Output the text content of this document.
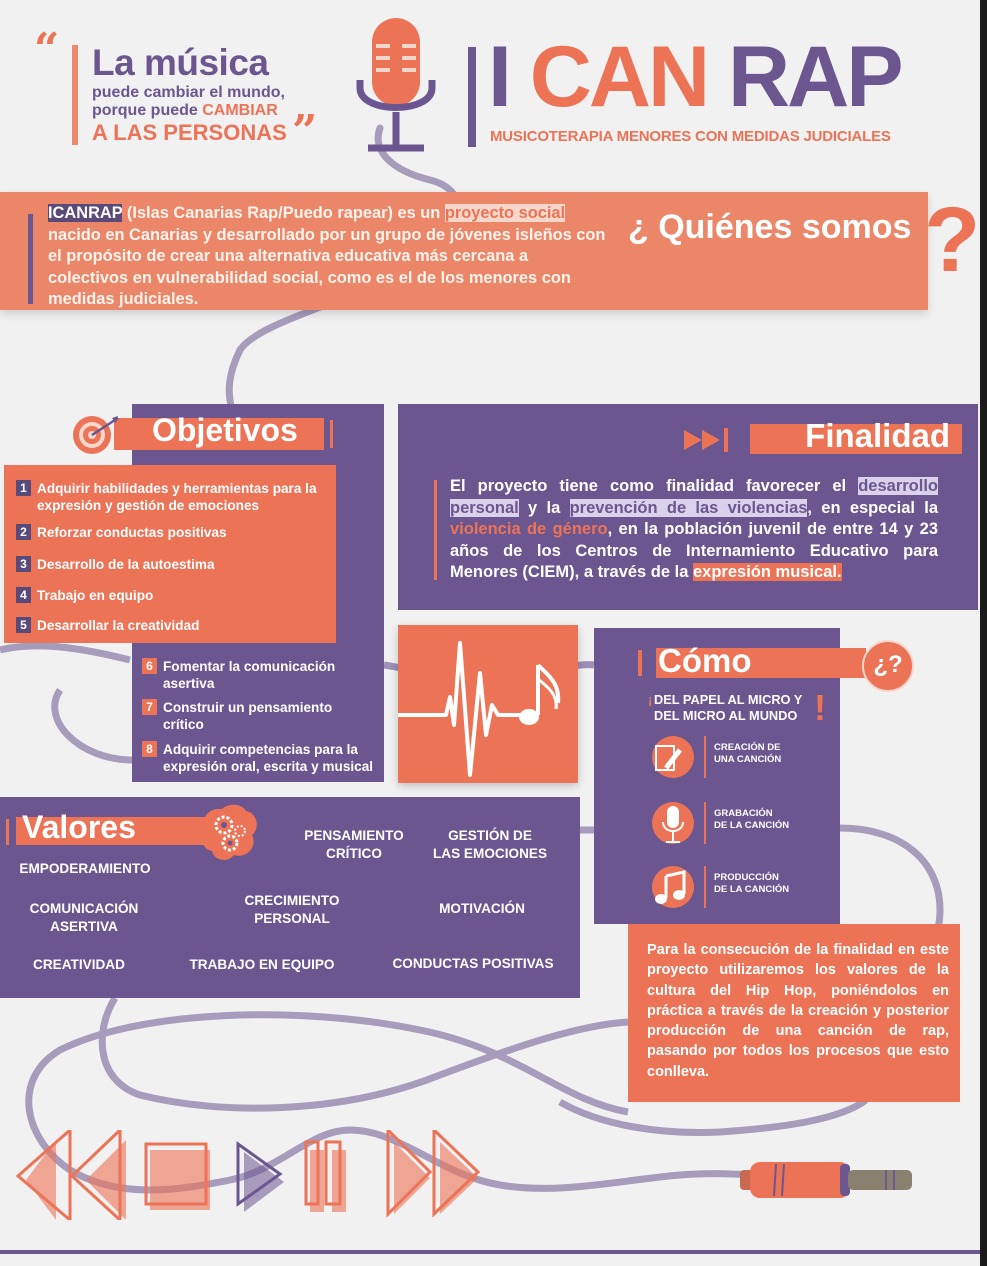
“ La música
puede cambiar el mundo,
porque puede CAMBIAR
A LAS PERSONAS ”
I CAN RAP
MUSICOTERAPIA MENORES CON MEDIDAS JUDICIALES
ICANRAP (Islas Canarias Rap/Puedo rapear) es un proyecto social nacido en Canarias y desarrollado por un grupo de jóvenes isleños con el propósito de crear una alternativa educativa más cercana a colectivos en vulnerabilidad social, como es el de los menores con medidas judiciales.
¿ Quiénes somos ?
Objetivos
1 Adquirir habilidades y herramientas para la expresión y gestión de emociones
2 Reforzar conductas positivas
3 Desarrollo de la autoestima
4 Trabajo en equipo
5 Desarrollar la creatividad
6 Fomentar la comunicación asertiva
7 Construir un pensamiento crítico
8 Adquirir competencias para la expresión oral, escrita y musical
Finalidad
El proyecto tiene como finalidad favorecer el desarrollo personal y la prevención de las violencias, en especial la violencia de género, en la población juvenil de entre 14 y 23 años de los Centros de Internamiento Educativo para Menores (CIEM), a través de la expresión musical.
Cómo
¡ DEL PAPEL AL MICRO Y
DEL MICRO AL MUNDO !
CREACIÓN DE
UNA CANCIÓN
GRABACIÓN
DE LA CANCIÓN
PRODUCCIÓN
DE LA CANCIÓN
¿?
Valores	PENSAMIENTO
CRÍTICO
GESTIÓN DE
LAS EMOCIONES
EMPODERAMIENTO
COMUNICACIÓN
ASERTIVA
CRECIMIENTO
PERSONAL
MOTIVACIÓN
CREATIVIDAD	TRABAJO EN EQUIPO	CONDUCTAS POSITIVAS
Para la consecución de la finalidad en este proyecto utilizaremos los valores de la cultura del Hip Hop, poniéndolos en práctica a través de la creación y posterior producción de una canción de rap, pasando por todos los procesos que esto conlleva.
